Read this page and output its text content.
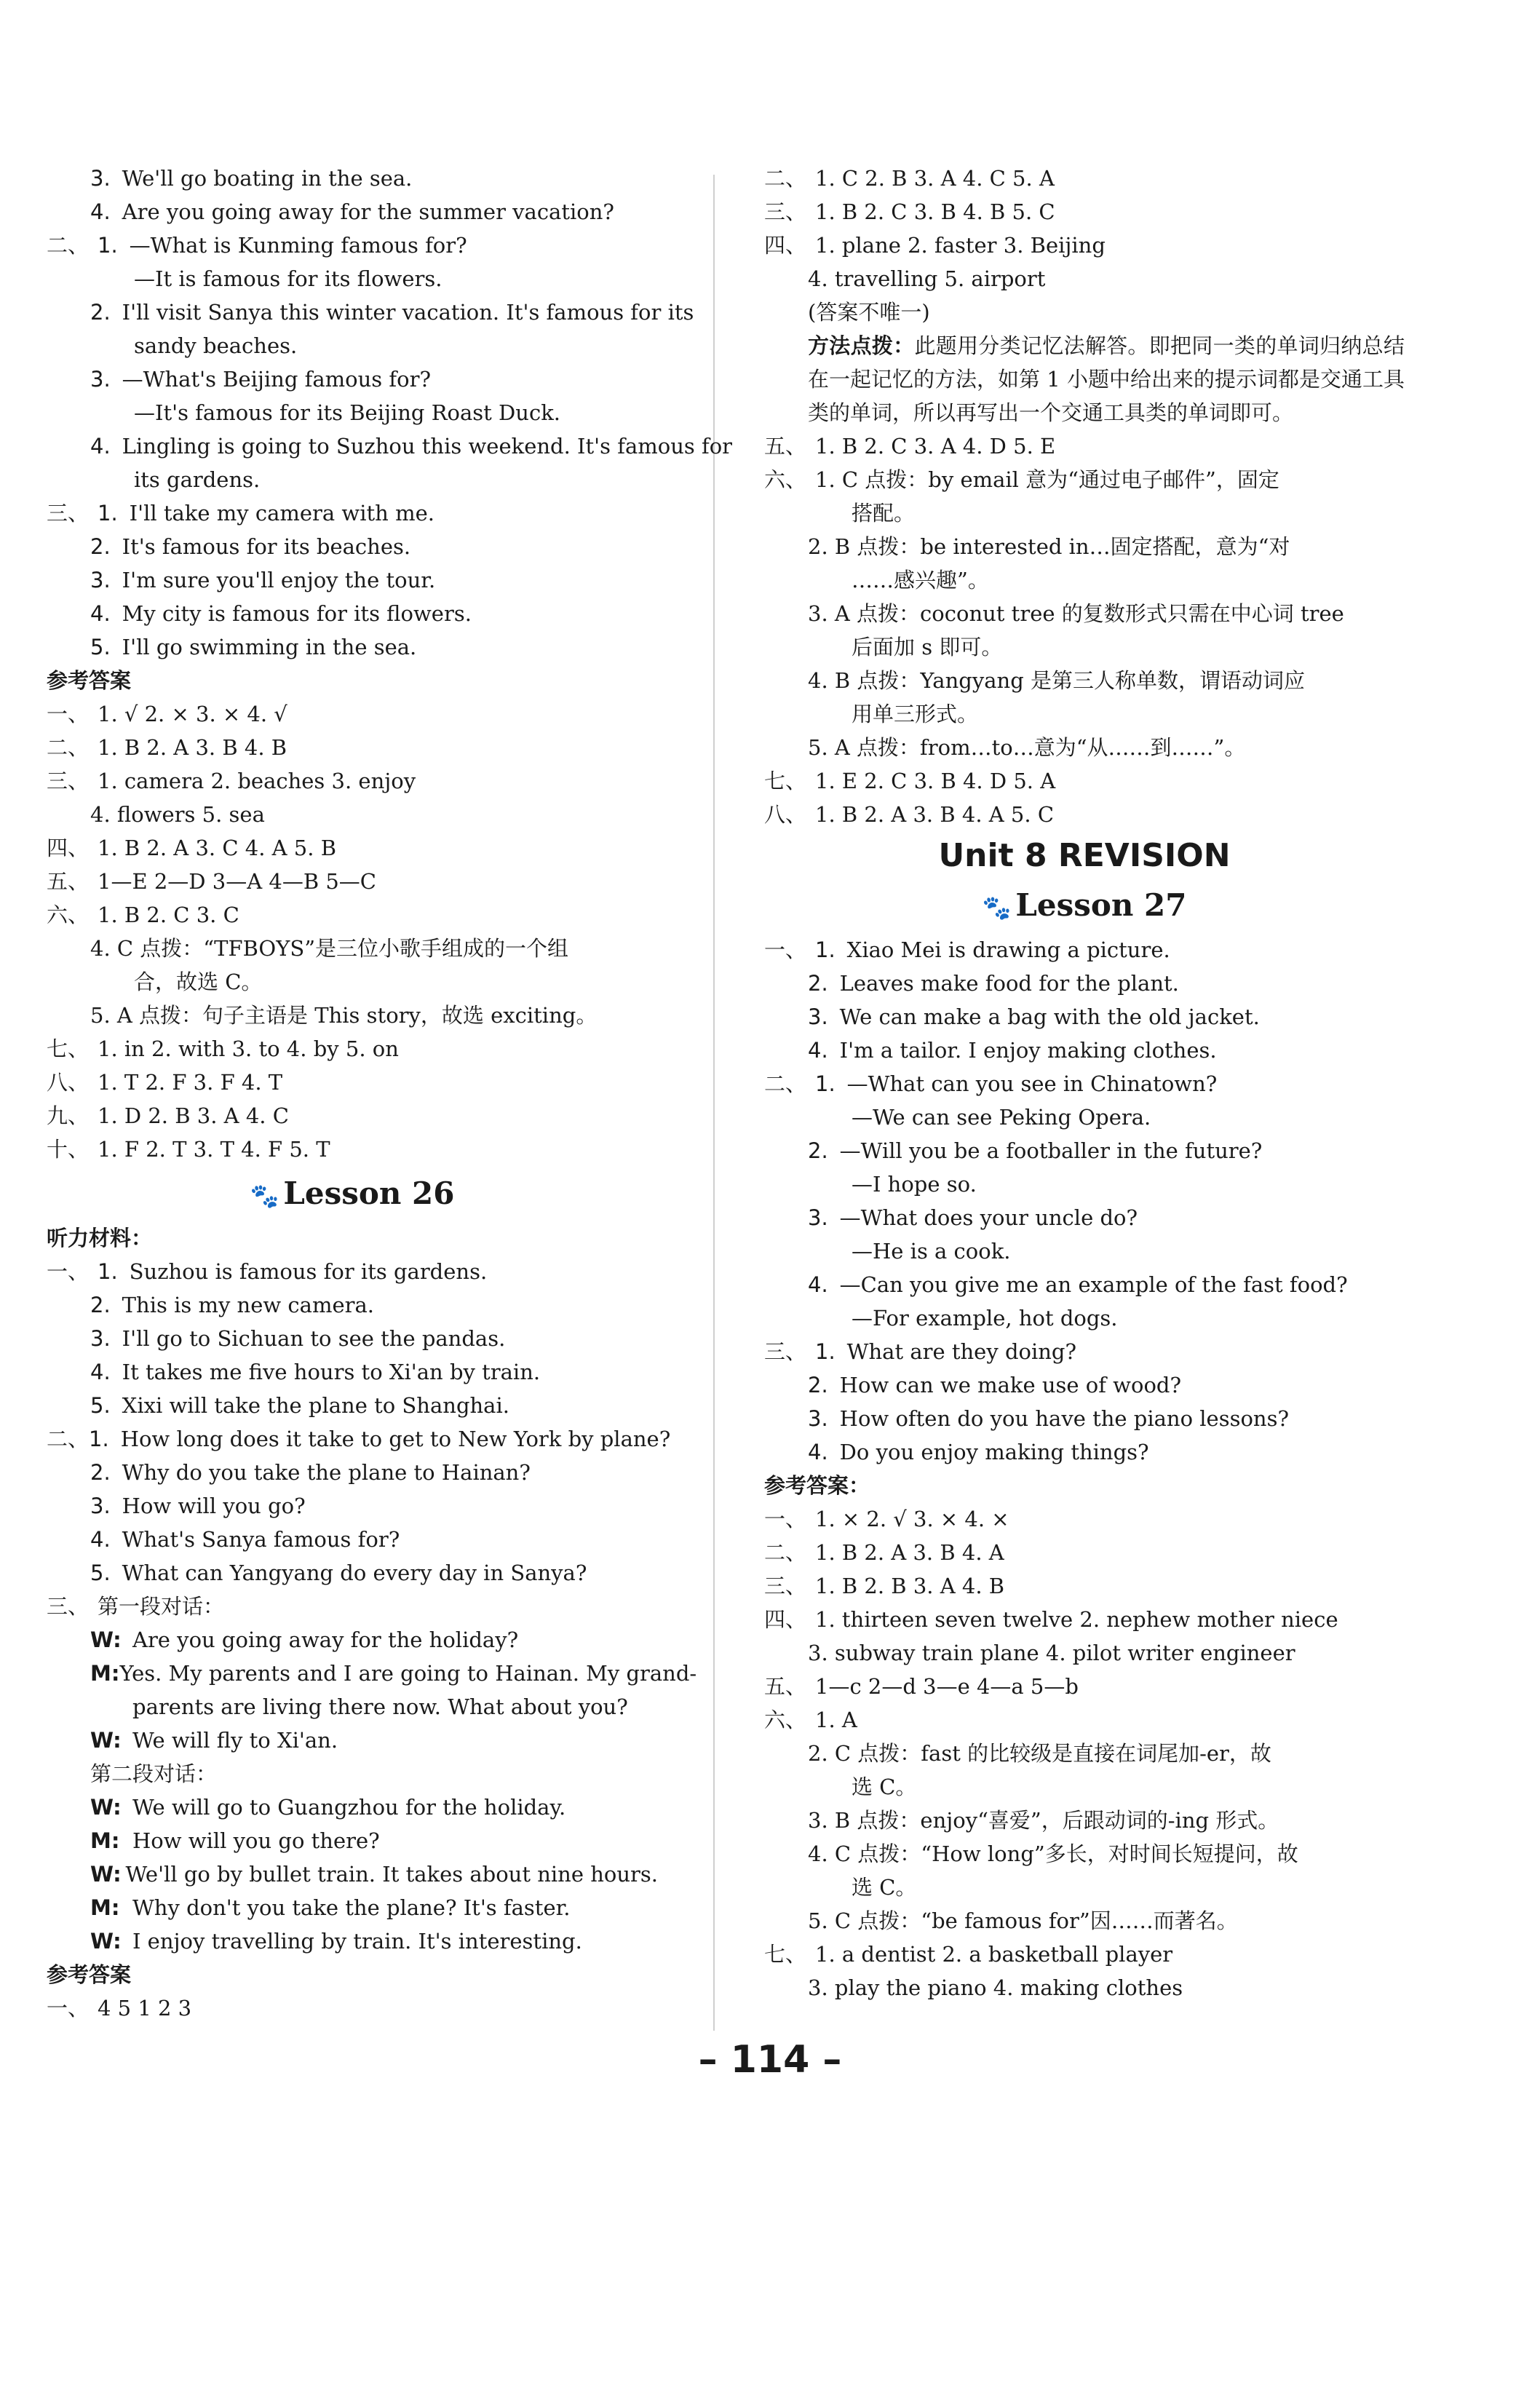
3. We'll go boating in the sea.
4. Are you going away for the summer vacation?
二、 1. —What is Kunming famous for?
—It is famous for its flowers.
2. I'll visit Sanya this winter vacation. It's famous for its
sandy beaches.
3. —What's Beijing famous for?
—It's famous for its Beijing Roast Duck.
4. Lingling is going to Suzhou this weekend. It's famous for
its gardens.
三、 1. I'll take my camera with me.
2. It's famous for its beaches.
3. I'm sure you'll enjoy the tour.
4. My city is famous for its flowers.
5. I'll go swimming in the sea.
参考答案
一、 1. √ 2. × 3. × 4. √
二、 1. B 2. A 3. B 4. B
三、 1. camera 2. beaches 3. enjoy
4. flowers 5. sea
四、 1. B 2. A 3. C 4. A 5. B
五、 1—E 2—D 3—A 4—B 5—C
六、 1. B 2. C 3. C
4. C 点拨：“TFBOYS”是三位小歌手组成的一个组
合，故选 C。
5. A 点拨：句子主语是 This story，故选 exciting。
七、 1. in 2. with 3. to 4. by 5. on
八、 1. T 2. F 3. F 4. T
九、 1. D 2. B 3. A 4. C
十、 1. F 2. T 3. T 4. F 5. T
🐾 Lesson 26
听力材料：
一、 1. Suzhou is famous for its gardens.
2. This is my new camera.
3. I'll go to Sichuan to see the pandas.
4. It takes me five hours to Xi'an by train.
5. Xixi will take the plane to Shanghai.
二、 1. How long does it take to get to New York by plane?
2. Why do you take the plane to Hainan?
3. How will you go?
4. What's Sanya famous for?
5. What can Yangyang do every day in Sanya?
三、 第一段对话：
W: Are you going away for the holiday?
M: Yes. My parents and I are going to Hainan. My grand-
parents are living there now. What about you?
W: We will fly to Xi'an.
第二段对话：
W: We will go to Guangzhou for the holiday.
M: How will you go there?
W: We'll go by bullet train. It takes about nine hours.
M: Why don't you take the plane? It's faster.
W: I enjoy travelling by train. It's interesting.
参考答案
一、 4 5 1 2 3
二、 1. C 2. B 3. A 4. C 5. A
三、 1. B 2. C 3. B 4. B 5. C
四、 1. plane 2. faster 3. Beijing
4. travelling 5. airport
(答案不唯一)
方法点拨：此题用分类记忆法解答。即把同一类的单词归纳总结在一起记忆的方法，如第 1 小题中给出来的提示词都是交通工具类的单词，所以再写出一个交通工具类的单词即可。
五、 1. B 2. C 3. A 4. D 5. E
六、 1. C 点拨：by email 意为“通过电子邮件”，固定
搭配。
2. B 点拨：be interested in…固定搭配，意为“对
……感兴趣”。
3. A 点拨：coconut tree 的复数形式只需在中心词 tree
后面加 s 即可。
4. B 点拨：Yangyang 是第三人称单数，谓语动词应
用单三形式。
5. A 点拨：from…to…意为“从……到……”。
七、 1. E 2. C 3. B 4. D 5. A
八、 1. B 2. A 3. B 4. A 5. C
Unit 8 REVISION
🐾 Lesson 27
一、 1. Xiao Mei is drawing a picture.
2. Leaves make food for the plant.
3. We can make a bag with the old jacket.
4. I'm a tailor. I enjoy making clothes.
二、 1. —What can you see in Chinatown?
—We can see Peking Opera.
2. —Will you be a footballer in the future?
—I hope so.
3. —What does your uncle do?
—He is a cook.
4. —Can you give me an example of the fast food?
—For example, hot dogs.
三、 1. What are they doing?
2. How can we make use of wood?
3. How often do you have the piano lessons?
4. Do you enjoy making things?
参考答案：
一、 1. × 2. √ 3. × 4. ×
二、 1. B 2. A 3. B 4. A
三、 1. B 2. B 3. A 4. B
四、 1. thirteen seven twelve 2. nephew mother niece
3. subway train plane 4. pilot writer engineer
五、 1—c 2—d 3—e 4—a 5—b
六、 1. A
2. C 点拨：fast 的比较级是直接在词尾加-er，故
选 C。
3. B 点拨：enjoy“喜爱”，后跟动词的-ing 形式。
4. C 点拨：“How long”多长，对时间长短提问，故
选 C。
5. C 点拨：“be famous for”因……而著名。
七、 1. a dentist 2. a basketball player
3. play the piano 4. making clothes
– 114 –
